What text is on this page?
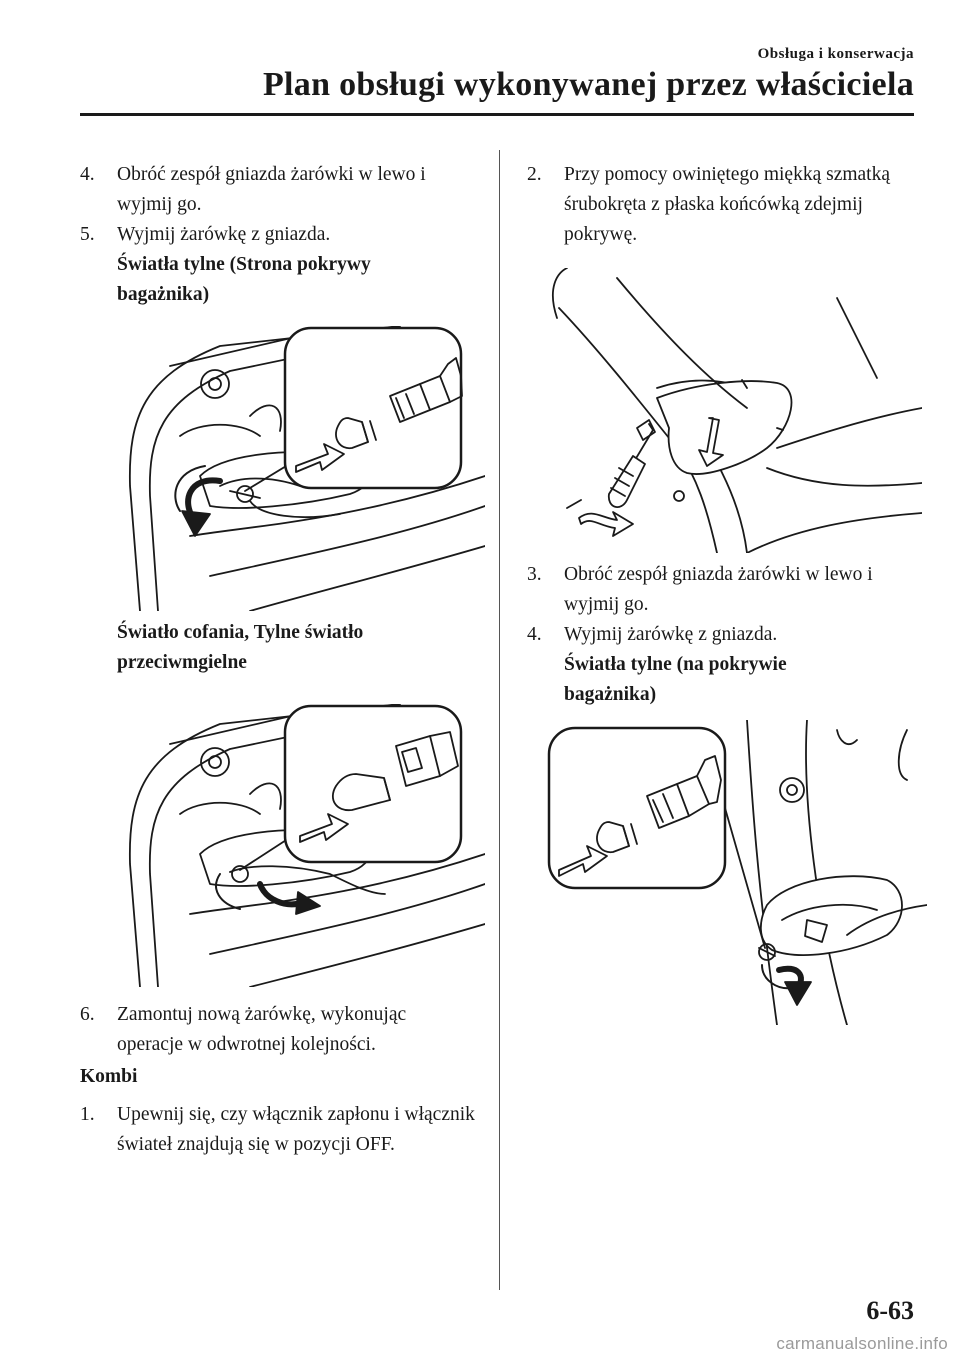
Obsługa i konserwacja
Plan obsługi wykonywanej przez właściciela
4.	Obróć zespół gniazda żarówki w lewo i wyjmij go.
5.	Wyjmij żarówkę z gniazda.
Światła tylne (Strona pokrywy bagażnika)
Światło cofania, Tylne światło przeciwmgielne
6.	Zamontuj nową żarówkę, wykonując operacje w odwrotnej kolejności.
Kombi
1.	Upewnij się, czy włącznik zapłonu i włącznik świateł znajdują się w pozycji OFF.
2.	Przy pomocy owiniętego miękką szmatką śrubokręta z płaska końcówką zdejmij pokrywę.
3.	Obróć zespół gniazda żarówki w lewo i wyjmij go.
4.	Wyjmij żarówkę z gniazda.
Światła tylne (na pokrywie bagażnika)
6-63
carmanualsonline.info
